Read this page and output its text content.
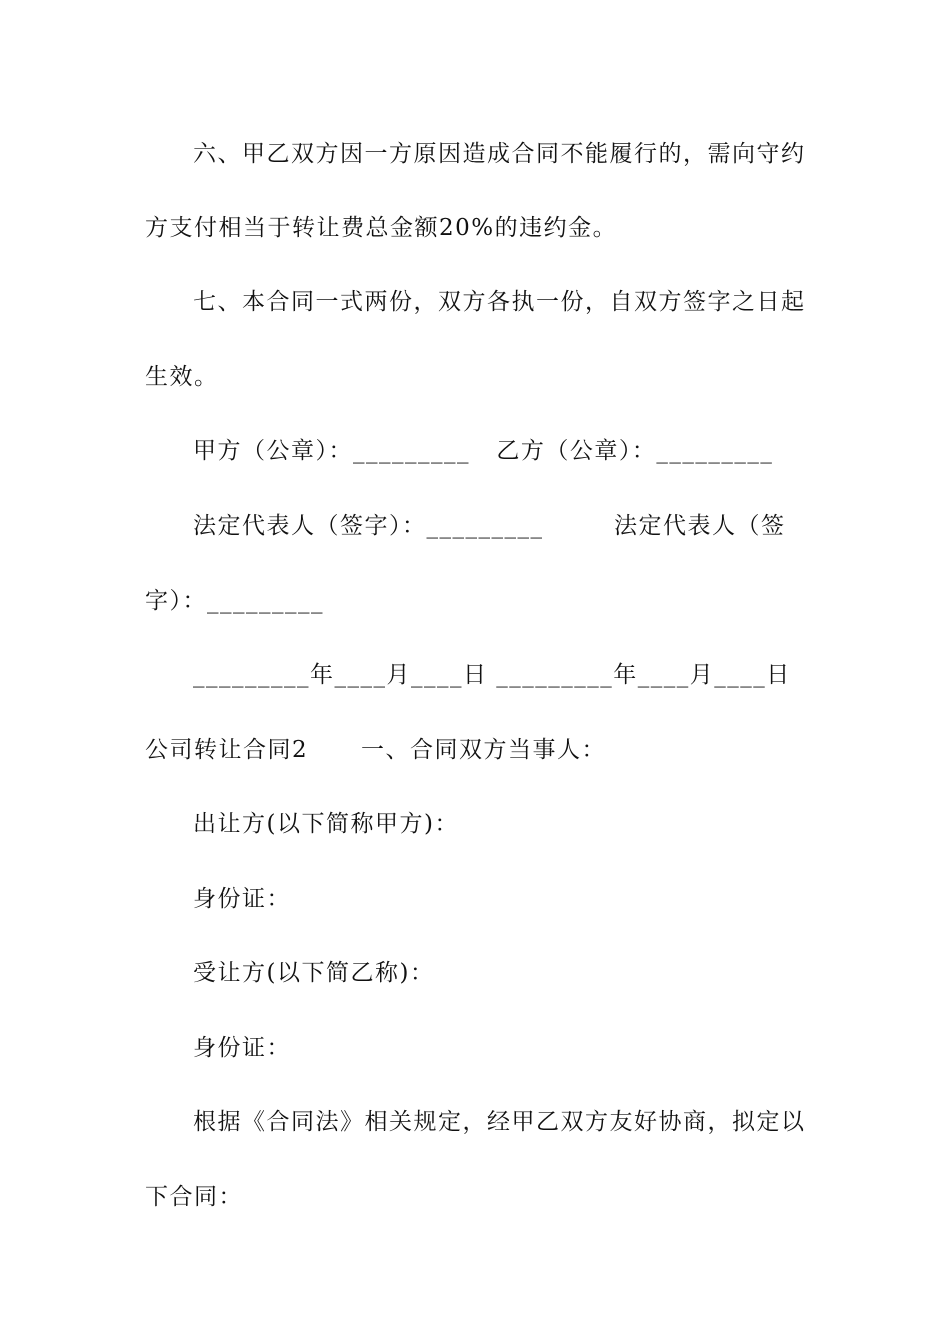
六、甲乙双方因一方原因造成合同不能履行的，需向守约
方支付相当于转让费总金额20%的违约金。
七、本合同一式两份，双方各执一份，自双方签字之日起
生效。
甲方（公章）：_________   乙方（公章）：_________
法定代表人（签字）：_________        法定代表人（签
字）：_________
_________年____月____日 _________年____月____日
公司转让合同2      一、合同双方当事人：
出让方(以下简称甲方)：
身份证：
受让方(以下简乙称)：
身份证：
根据《合同法》相关规定，经甲乙双方友好协商，拟定以
下合同：
